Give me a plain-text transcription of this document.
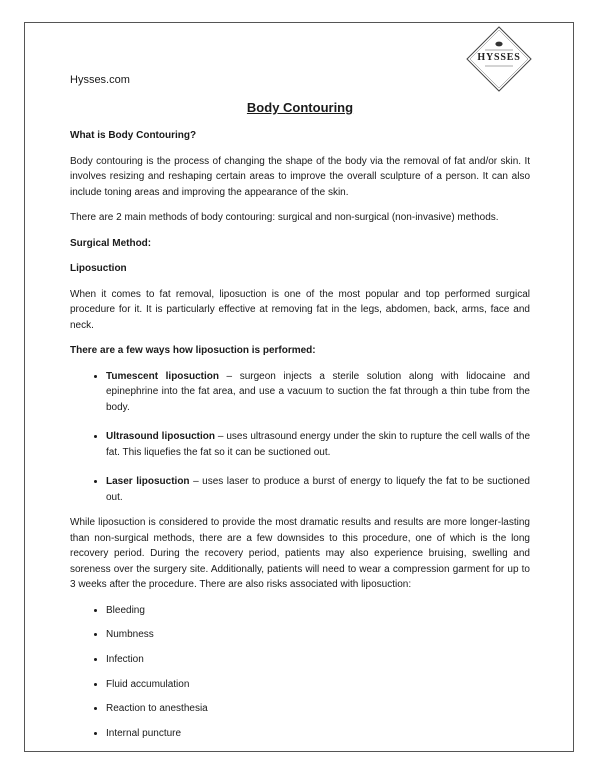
HYSSES
Hysses.com
Body Contouring
What is Body Contouring?

Body contouring is the process of changing the shape of the body via the removal of fat and/or skin. It involves resizing and reshaping certain areas to improve the overall sculpture of a person. It can also include toning areas and improving the appearance of the skin.

There are 2 main methods of body contouring: surgical and non-surgical (non-invasive) methods.

Surgical Method:
Liposuction

When it comes to fat removal, liposuction is one of the most popular and top performed surgical procedure for it. It is particularly effective at removing fat in the legs, abdomen, back, arms, face and neck.

There are a few ways how liposuction is performed:
• Tumescent liposuction – surgeon injects a sterile solution along with lidocaine and epinephrine into the fat area, and use a vacuum to suction the fat through a thin tube from the body.
• Ultrasound liposuction – uses ultrasound energy under the skin to rupture the cell walls of the fat. This liquefies the fat so it can be suctioned out.
• Laser liposuction – uses laser to produce a burst of energy to liquefy the fat to be suctioned out.

While liposuction is considered to provide the most dramatic results and results are more longer-lasting than non-surgical methods, there are a few downsides to this procedure, one of which is the long recovery period. During the recovery period, patients may also experience bruising, swelling and soreness over the surgery site. Additionally, patients will need to wear a compression garment for up to 3 weeks after the procedure. There are also risks associated with liposuction:

• Bleeding
• Numbness
• Infection
• Fluid accumulation
• Reaction to anesthesia
• Internal puncture
